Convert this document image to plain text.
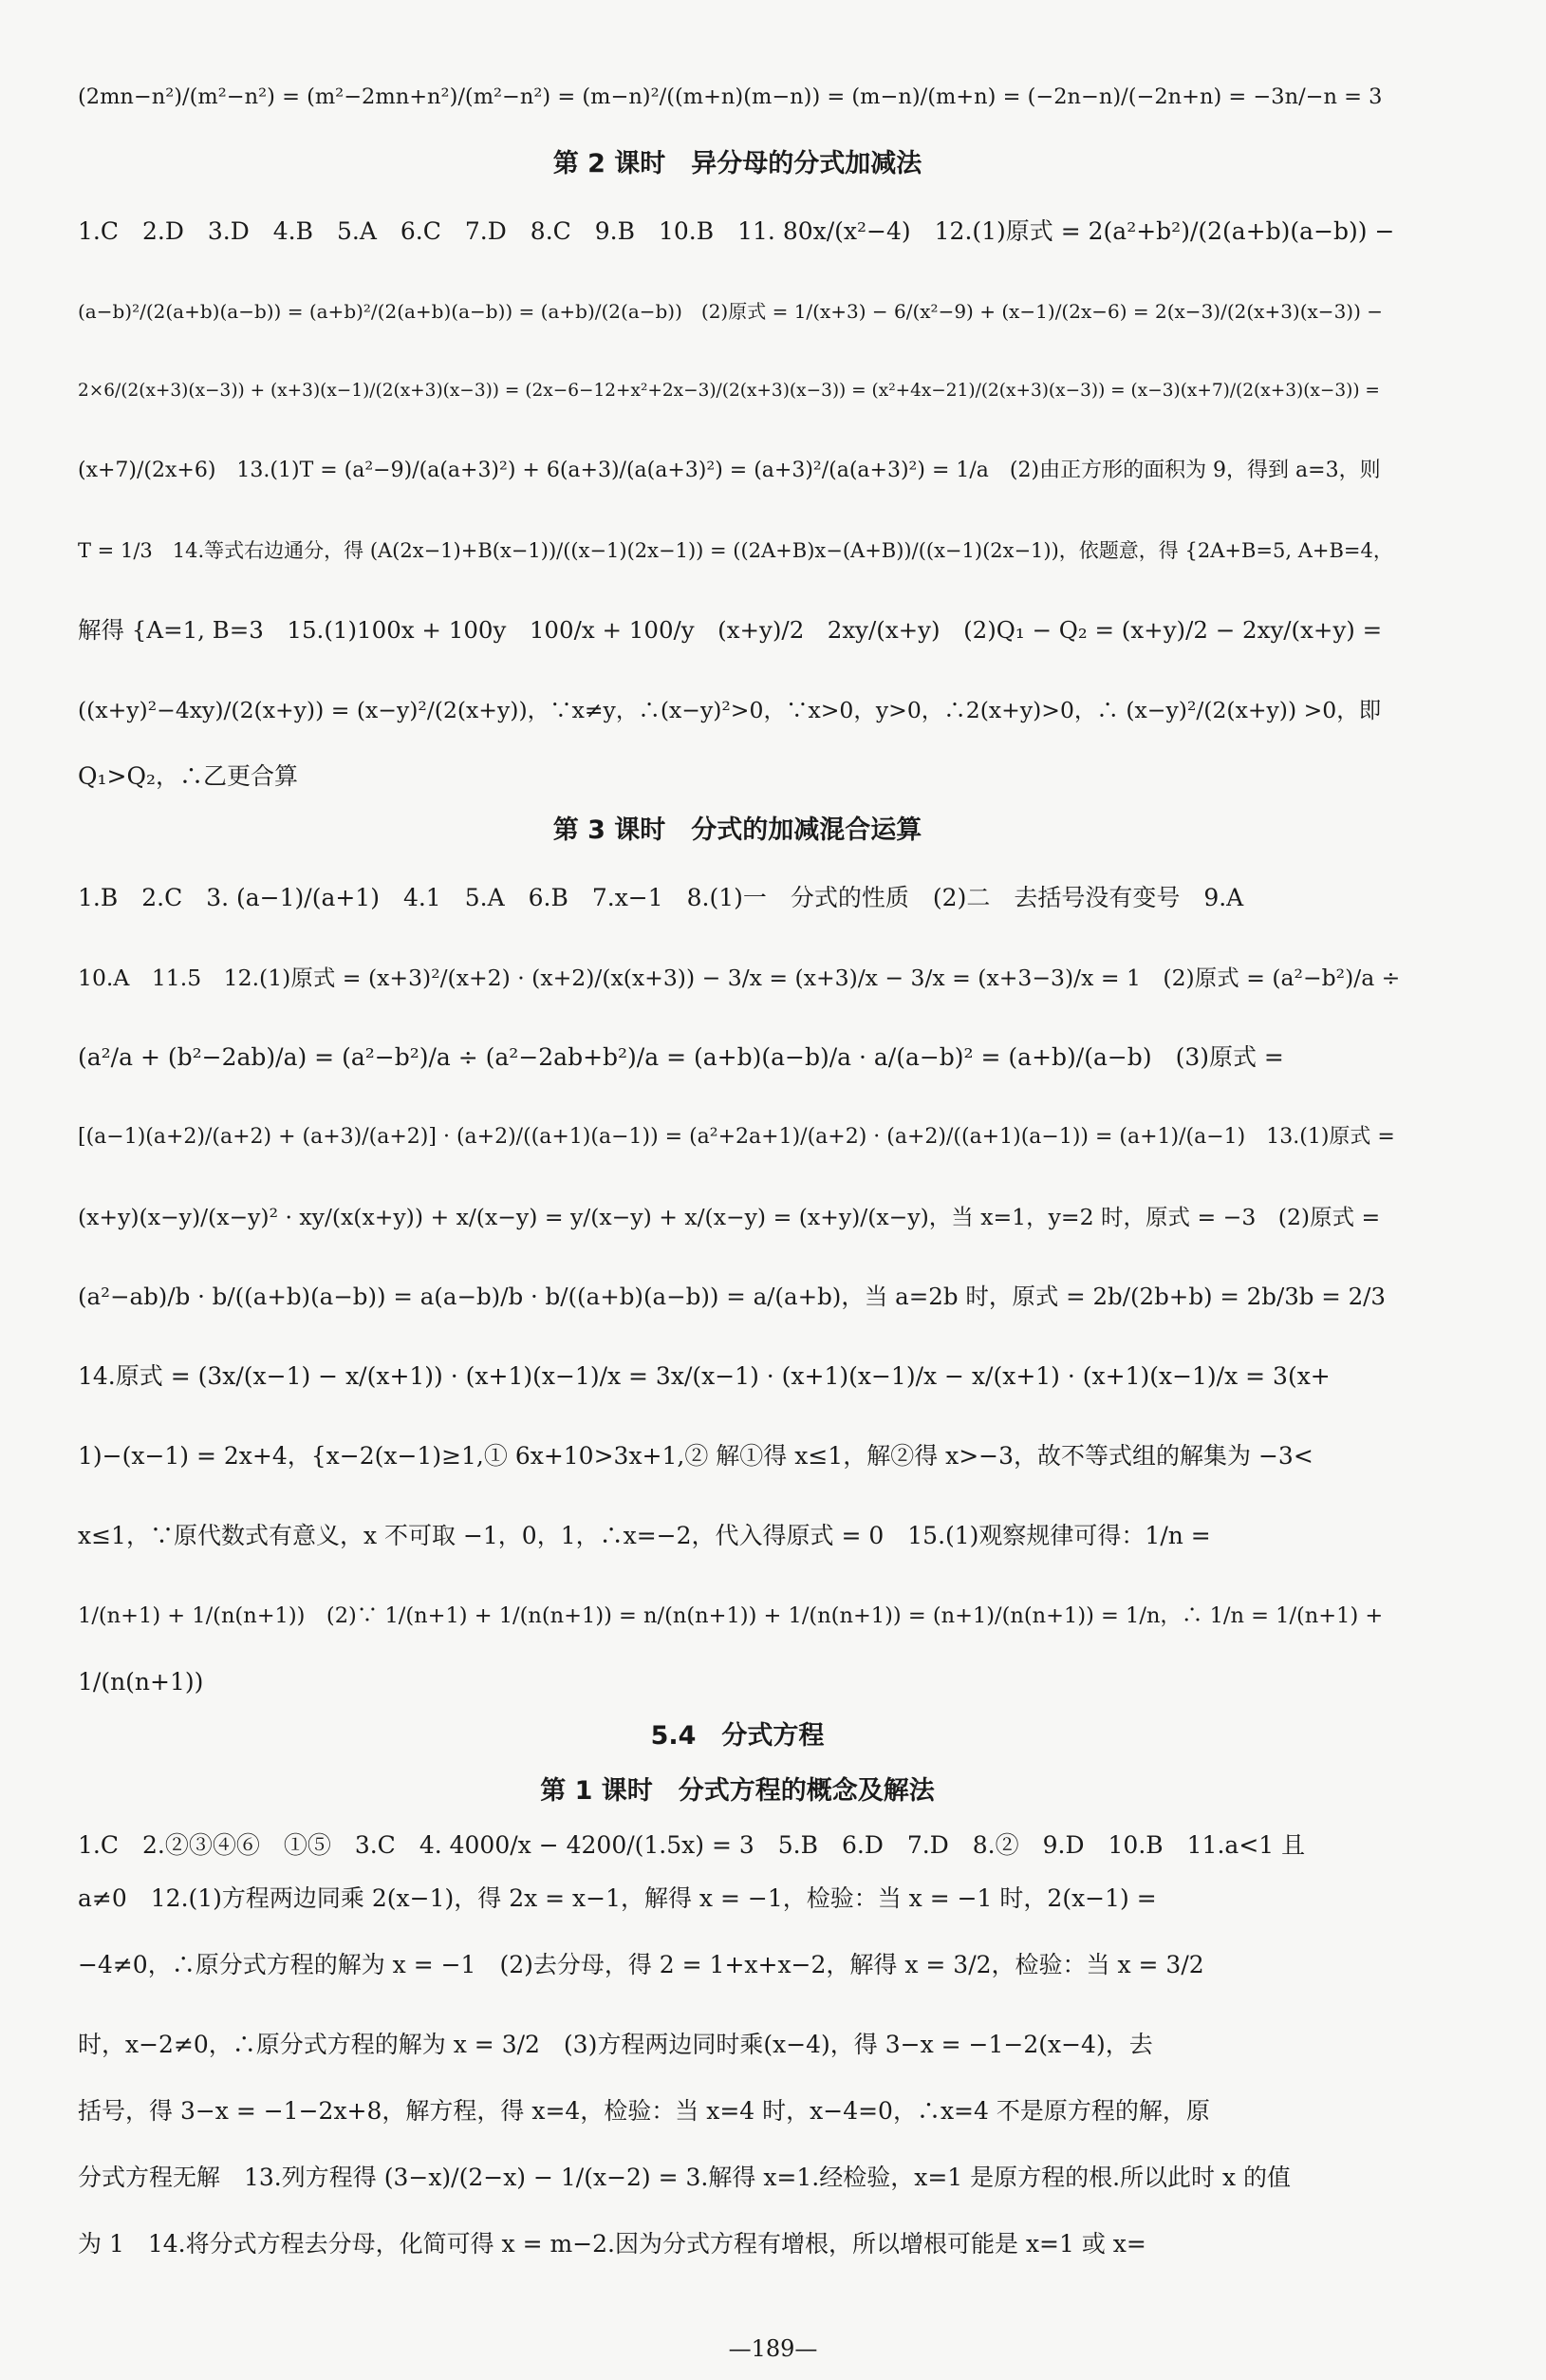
(2mn−n²)/(m²−n²) = (m²−2mn+n²)/(m²−n²) = (m−n)²/((m+n)(m−n)) = (m−n)/(m+n) = (−2n−n)/(−2n+n) = −3n/−n = 3

第 2 课时　异分母的分式加减法

1.C　2.D　3.D　4.B　5.A　6.C　7.D　8.C　9.B　10.B　11. 80x/(x²−4)　12.(1)原式 = 2(a²+b²)/(2(a+b)(a−b)) −

(a−b)²/(2(a+b)(a−b)) = (a+b)²/(2(a+b)(a−b)) = (a+b)/(2(a−b))　(2)原式 = 1/(x+3) − 6/(x²−9) + (x−1)/(2x−6) = 2(x−3)/(2(x+3)(x−3)) −

2×6/(2(x+3)(x−3)) + (x+3)(x−1)/(2(x+3)(x−3)) = (2x−6−12+x²+2x−3)/(2(x+3)(x−3)) = (x²+4x−21)/(2(x+3)(x−3)) = (x−3)(x+7)/(2(x+3)(x−3)) =

(x+7)/(2x+6)　13.(1)T = (a²−9)/(a(a+3)²) + 6(a+3)/(a(a+3)²) = (a+3)²/(a(a+3)²) = 1/a　(2)由正方形的面积为 9，得到 a=3，则

T = 1/3　14.等式右边通分，得 (A(2x−1)+B(x−1))/((x−1)(2x−1)) = ((2A+B)x−(A+B))/((x−1)(2x−1))，依题意，得 {2A+B=5, A+B=4，

解得 {A=1, B=3　15.(1)100x + 100y　100/x + 100/y　(x+y)/2　2xy/(x+y)　(2)Q₁ − Q₂ = (x+y)/2 − 2xy/(x+y) =

((x+y)²−4xy)/(2(x+y)) = (x−y)²/(2(x+y))，∵x≠y，∴(x−y)²>0，∵x>0，y>0，∴2(x+y)>0，∴ (x−y)²/(2(x+y)) >0，即

Q₁>Q₂，∴乙更合算

第 3 课时　分式的加减混合运算

1.B　2.C　3. (a−1)/(a+1)　4.1　5.A　6.B　7.x−1　8.(1)一　分式的性质　(2)二　去括号没有变号　9.A

10.A　11.5　12.(1)原式 = (x+3)²/(x+2) · (x+2)/(x(x+3)) − 3/x = (x+3)/x − 3/x = (x+3−3)/x = 1　(2)原式 = (a²−b²)/a ÷

(a²/a + (b²−2ab)/a) = (a²−b²)/a ÷ (a²−2ab+b²)/a = (a+b)(a−b)/a · a/(a−b)² = (a+b)/(a−b)　(3)原式 =

[(a−1)(a+2)/(a+2) + (a+3)/(a+2)] · (a+2)/((a+1)(a−1)) = (a²+2a+1)/(a+2) · (a+2)/((a+1)(a−1)) = (a+1)/(a−1)　13.(1)原式 =

(x+y)(x−y)/(x−y)² · xy/(x(x+y)) + x/(x−y) = y/(x−y) + x/(x−y) = (x+y)/(x−y)，当 x=1，y=2 时，原式 = −3　(2)原式 =

(a²−ab)/b · b/((a+b)(a−b)) = a(a−b)/b · b/((a+b)(a−b)) = a/(a+b)，当 a=2b 时，原式 = 2b/(2b+b) = 2b/3b = 2/3

14.原式 = (3x/(x−1) − x/(x+1)) · (x+1)(x−1)/x = 3x/(x−1) · (x+1)(x−1)/x − x/(x+1) · (x+1)(x−1)/x = 3(x+

1)−(x−1) = 2x+4，{x−2(x−1)≥1,① 6x+10>3x+1,② 解①得 x≤1，解②得 x>−3，故不等式组的解集为 −3<

x≤1，∵原代数式有意义，x 不可取 −1，0，1，∴x=−2，代入得原式 = 0　15.(1)观察规律可得：1/n =

1/(n+1) + 1/(n(n+1))　(2)∵ 1/(n+1) + 1/(n(n+1)) = n/(n(n+1)) + 1/(n(n+1)) = (n+1)/(n(n+1)) = 1/n，∴ 1/n = 1/(n+1) +

1/(n(n+1))

5.4　分式方程

第 1 课时　分式方程的概念及解法

1.C　2.②③④⑥　①⑤　3.C　4. 4000/x − 4200/(1.5x) = 3　5.B　6.D　7.D　8.②　9.D　10.B　11.a<1 且

a≠0　12.(1)方程两边同乘 2(x−1)，得 2x = x−1，解得 x = −1，检验：当 x = −1 时，2(x−1) =

−4≠0，∴原分式方程的解为 x = −1　(2)去分母，得 2 = 1+x+x−2，解得 x = 3/2，检验：当 x = 3/2

时，x−2≠0，∴原分式方程的解为 x = 3/2　(3)方程两边同时乘(x−4)，得 3−x = −1−2(x−4)，去

括号，得 3−x = −1−2x+8，解方程，得 x=4，检验：当 x=4 时，x−4=0，∴x=4 不是原方程的解，原

分式方程无解　13.列方程得 (3−x)/(2−x) − 1/(x−2) = 3.解得 x=1.经检验，x=1 是原方程的根.所以此时 x 的值

为 1　14.将分式方程去分母，化简可得 x = m−2.因为分式方程有增根，所以增根可能是 x=1 或 x=

—189—
